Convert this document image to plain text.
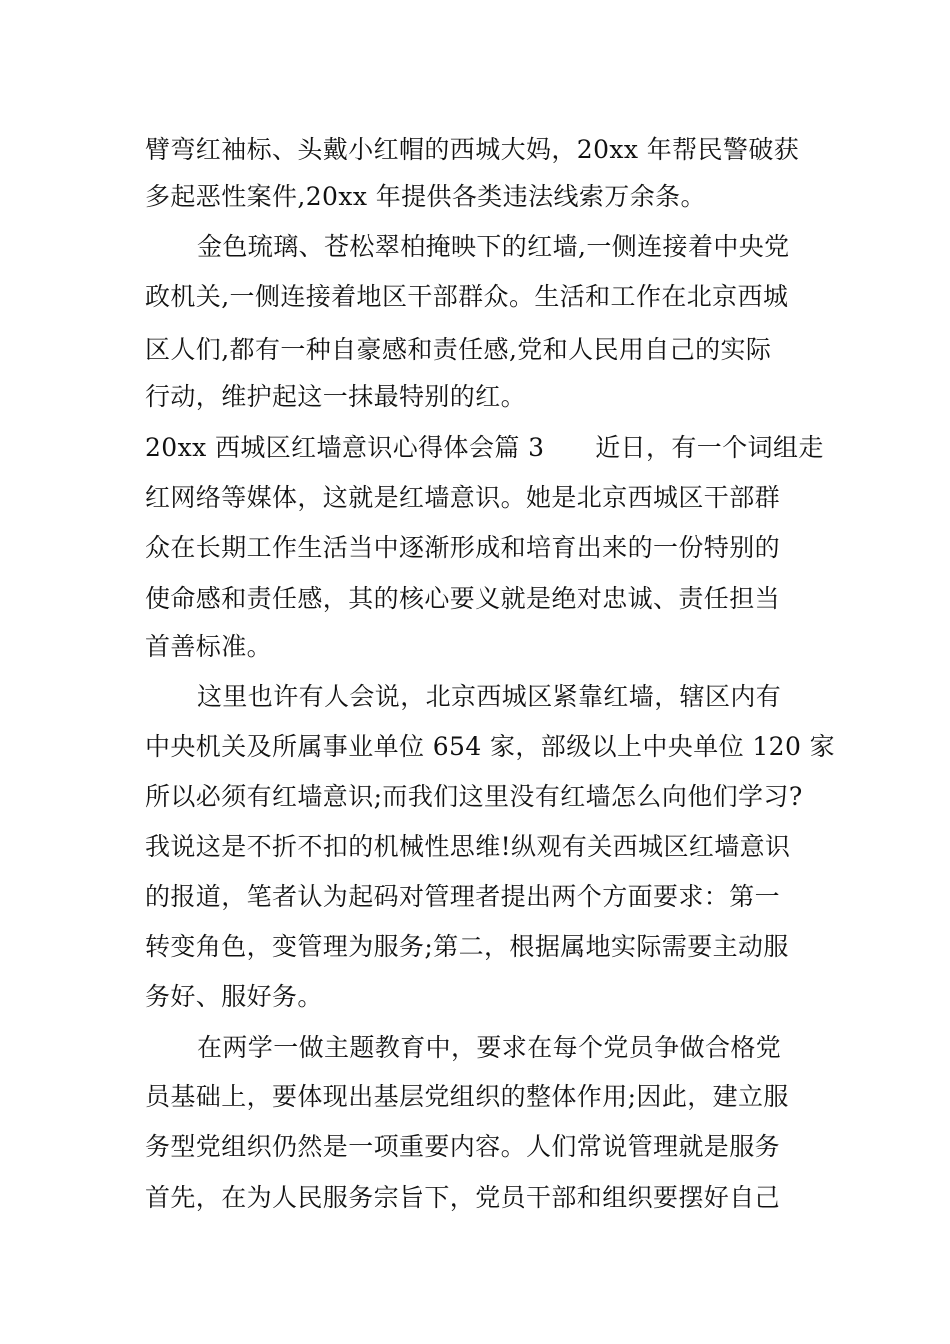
臂弯红袖标、头戴小红帽的西城大妈，20xx 年帮民警破获
多起恶性案件,20xx 年提供各类违法线索万余条。
金色琉璃、苍松翠柏掩映下的红墙,一侧连接着中央党
政机关,一侧连接着地区干部群众。生活和工作在北京西城
区人们,都有一种自豪感和责任感,党和人民用自己的实际
行动，维护起这一抹最特别的红。
20xx 西城区红墙意识心得体会篇 3　　近日，有一个词组走
红网络等媒体，这就是红墙意识。她是北京西城区干部群
众在长期工作生活当中逐渐形成和培育出来的一份特别的
使命感和责任感，其的核心要义就是绝对忠诚、责任担当
首善标准。
这里也许有人会说，北京西城区紧靠红墙，辖区内有
中央机关及所属事业单位 654 家，部级以上中央单位 120 家
所以必须有红墙意识;而我们这里没有红墙怎么向他们学习?
我说这是不折不扣的机械性思维!纵观有关西城区红墙意识
的报道，笔者认为起码对管理者提出两个方面要求：第一
转变角色，变管理为服务;第二，根据属地实际需要主动服
务好、服好务。
在两学一做主题教育中，要求在每个党员争做合格党
员基础上，要体现出基层党组织的整体作用;因此，建立服
务型党组织仍然是一项重要内容。人们常说管理就是服务
首先，在为人民服务宗旨下，党员干部和组织要摆好自己
